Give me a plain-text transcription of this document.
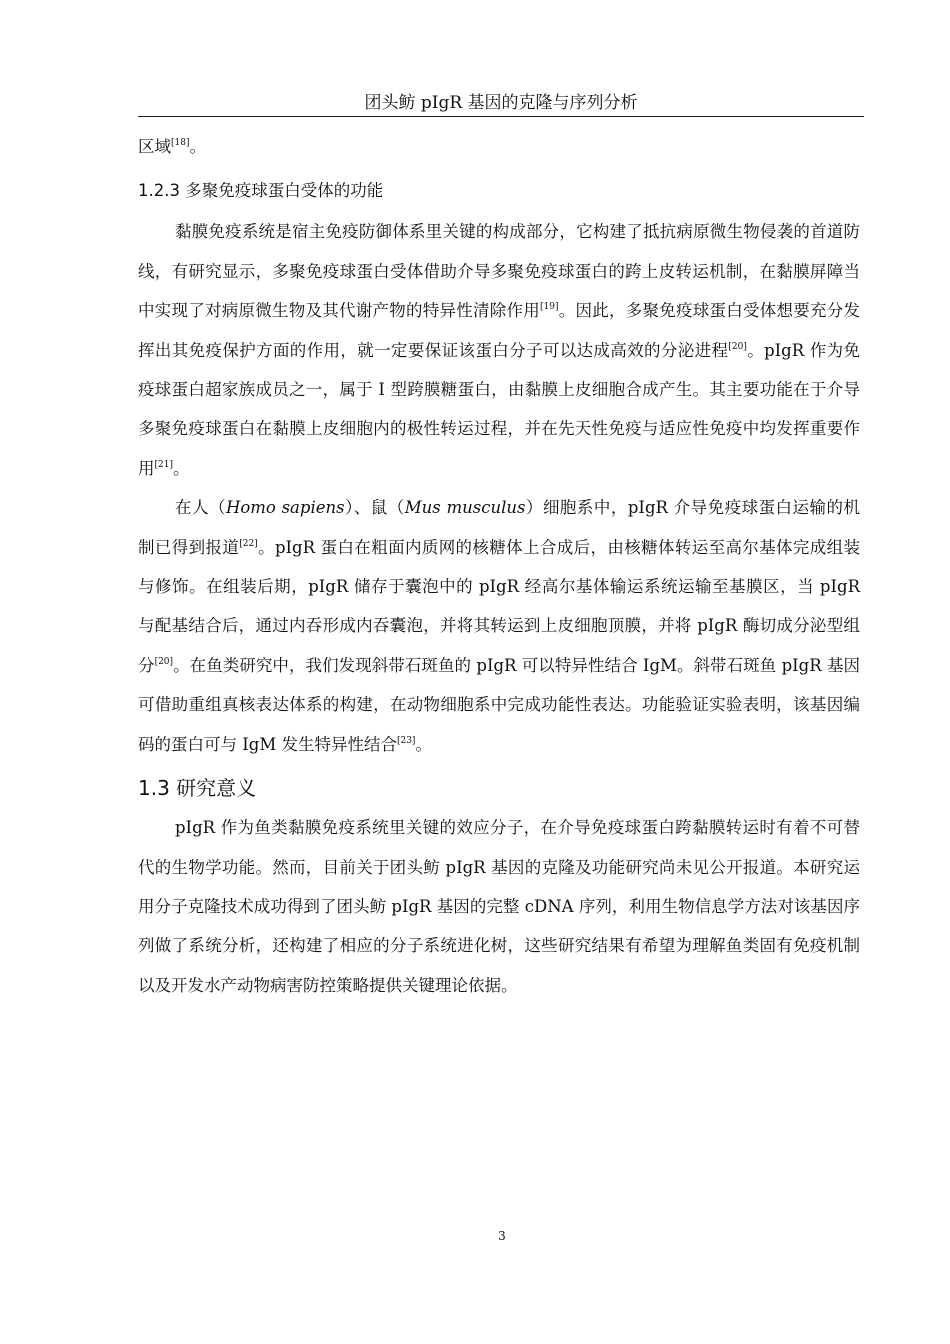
团头鲂 pIgR 基因的克隆与序列分析

区域[18]。

1.2.3 多聚免疫球蛋白受体的功能

黏膜免疫系统是宿主免疫防御体系里关键的构成部分，它构建了抵抗病原微生物侵袭的首道防线，有研究显示，多聚免疫球蛋白受体借助介导多聚免疫球蛋白的跨上皮转运机制，在黏膜屏障当中实现了对病原微生物及其代谢产物的特异性清除作用[19]。因此，多聚免疫球蛋白受体想要充分发挥出其免疫保护方面的作用，就一定要保证该蛋白分子可以达成高效的分泌进程[20]。pIgR 作为免疫球蛋白超家族成员之一，属于 I 型跨膜糖蛋白，由黏膜上皮细胞合成产生。其主要功能在于介导多聚免疫球蛋白在黏膜上皮细胞内的极性转运过程，并在先天性免疫与适应性免疫中均发挥重要作用[21]。

在人（Homo sapiens）、鼠（Mus musculus）细胞系中，pIgR 介导免疫球蛋白运输的机制已得到报道[22]。pIgR 蛋白在粗面内质网的核糖体上合成后，由核糖体转运至高尔基体完成组装与修饰。在组装后期，pIgR 储存于囊泡中的 pIgR 经高尔基体输运系统运输至基膜区，当 pIgR 与配基结合后，通过内吞形成内吞囊泡，并将其转运到上皮细胞顶膜，并将 pIgR 酶切成分泌型组分[20]。在鱼类研究中，我们发现斜带石斑鱼的 pIgR 可以特异性结合 IgM。斜带石斑鱼 pIgR 基因可借助重组真核表达体系的构建，在动物细胞系中完成功能性表达。功能验证实验表明，该基因编码的蛋白可与 IgM 发生特异性结合[23]。

1.3 研究意义

pIgR 作为鱼类黏膜免疫系统里关键的效应分子，在介导免疫球蛋白跨黏膜转运时有着不可替代的生物学功能。然而，目前关于团头鲂 pIgR 基因的克隆及功能研究尚未见公开报道。本研究运用分子克隆技术成功得到了团头鲂 pIgR 基因的完整 cDNA 序列，利用生物信息学方法对该基因序列做了系统分析，还构建了相应的分子系统进化树，这些研究结果有希望为理解鱼类固有免疫机制以及开发水产动物病害防控策略提供关键理论依据。

3
